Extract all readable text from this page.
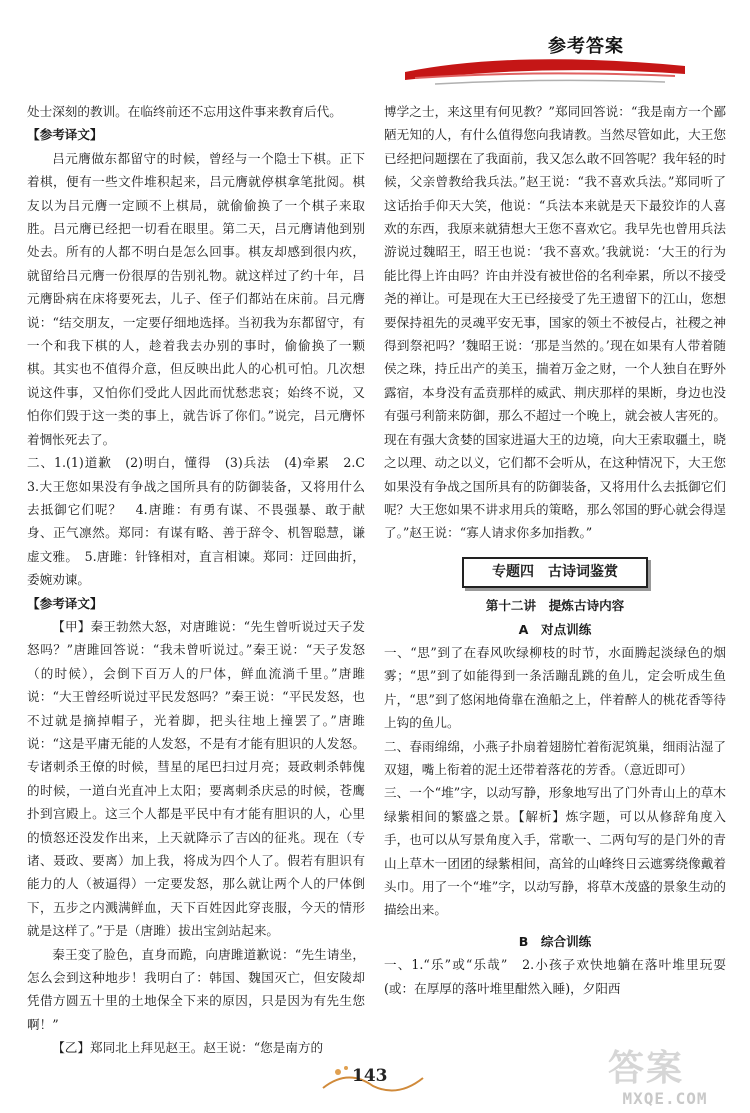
参考答案

处士深刻的教训。在临终前还不忘用这件事来教育后代。

【参考译文】

吕元膺做东都留守的时候，曾经与一个隐士下棋。正下着棋，便有一些文件堆积起来，吕元膺就停棋拿笔批阅。棋友以为吕元膺一定顾不上棋局，就偷偷换了一个棋子来取胜。吕元膺已经把一切看在眼里。第二天，吕元膺请他到别处去。所有的人都不明白是怎么回事。棋友却感到很内疚，就留给吕元膺一份很厚的告别礼物。就这样过了约十年，吕元膺卧病在床将要死去，儿子、侄子们都站在床前。吕元膺说：“结交朋友，一定要仔细地选择。当初我为东都留守，有一个和我下棋的人，趁着我去办别的事时，偷偷换了一颗棋。其实也不值得介意，但反映出此人的心机可怕。几次想说这件事，又怕你们受此人因此而忧愁悲哀；始终不说，又怕你们毁于这一类的事上，就告诉了你们。”说完，吕元膺怀着惆怅死去了。

二、1.(1)道歉　(2)明白，懂得　(3)兵法　(4)牵累　2.C　3.大王您如果没有争战之国所具有的防御装备，又将用什么去抵御它们呢？　4.唐雎：有勇有谋、不畏强暴、敢于献身、正气凛然。郑同：有谋有略、善于辞令、机智聪慧，谦虚文雅。　5.唐雎：针锋相对，直言相谏。郑同：迂回曲折，委婉劝谏。

【参考译文】

【甲】秦王勃然大怒，对唐雎说：“先生曾听说过天子发怒吗？”唐雎回答说：“我未曾听说过。”秦王说：“天子发怒（的时候），会倒下百万人的尸体，鲜血流淌千里。”唐雎说：“大王曾经听说过平民发怒吗？”秦王说：“平民发怒，也不过就是摘掉帽子，光着脚，把头往地上撞罢了。”唐雎说：“这是平庸无能的人发怒，不是有才能有胆识的人发怒。专诸刺杀王僚的时候，彗星的尾巴扫过月亮；聂政刺杀韩傀的时候，一道白光直冲上太阳；要离刺杀庆忌的时候，苍鹰扑到宫殿上。这三个人都是平民中有才能有胆识的人，心里的愤怒还没发作出来，上天就降示了吉凶的征兆。现在（专诸、聂政、要离）加上我，将成为四个人了。假若有胆识有能力的人（被逼得）一定要发怒，那么就让两个人的尸体倒下，五步之内溅满鲜血，天下百姓因此穿丧服，今天的情形就是这样了。”于是（唐雎）拔出宝剑站起来。

秦王变了脸色，直身而跪，向唐雎道歉说：“先生请坐，怎么会到这种地步！我明白了：韩国、魏国灭亡，但安陵却凭借方圆五十里的土地保全下来的原因，只是因为有先生您啊！”

【乙】郑同北上拜见赵王。赵王说：“您是南方的

博学之士，来这里有何见教？”郑同回答说：“我是南方一个鄙陋无知的人，有什么值得您向我请教。当然尽管如此，大王您已经把问题摆在了我面前，我又怎么敢不回答呢？我年轻的时候，父亲曾教给我兵法。”赵王说：“我不喜欢兵法。”郑同听了这话抬手仰天大笑，他说：“兵法本来就是天下最狡诈的人喜欢的东西，我原来就猜想大王您不喜欢它。我早先也曾用兵法游说过魏昭王，昭王也说：‘我不喜欢。’我就说：‘大王的行为能比得上许由吗？许由并没有被世俗的名利牵累，所以不接受尧的禅让。可是现在大王已经接受了先王遗留下的江山，您想要保持祖先的灵魂平安无事，国家的领土不被侵占，社稷之神得到祭祀吗？’魏昭王说：‘那是当然的。’现在如果有人带着随侯之珠，持丘出产的美玉，揣着万金之财，一个人独自在野外露宿，本身没有孟贲那样的威武、荆庆那样的果断，身边也没有强弓利箭来防御，那么不超过一个晚上，就会被人害死的。现在有强大贪婪的国家进逼大王的边境，向大王索取疆土，晓之以理、动之以义，它们都不会听从，在这种情况下，大王您如果没有争战之国所具有的防御装备，又将用什么去抵御它们呢？大王您如果不讲求用兵的策略，那么邻国的野心就会得逞了。”赵王说：“寡人请求你多加指教。”

专题四　古诗词鉴赏
第十二讲　提炼古诗内容
A　对点训练

一、“思”到了在春风吹绿柳枝的时节，水面腾起淡绿色的烟雾；“思”到了如能得到一条活蹦乱跳的鱼儿，定会听成生鱼片，“思”到了悠闲地倚靠在渔船之上，伴着醉人的桃花香等待上钩的鱼儿。

二、春雨绵绵，小燕子扑扇着翅膀忙着衔泥筑巢，细雨沾湿了双翅，嘴上衔着的泥土还带着落花的芳香。（意近即可）

三、一个“堆”字，以动写静，形象地写出了门外青山上的草木绿紫相间的繁盛之景。【解析】炼字题，可以从修辞角度入手，也可以从写景角度入手，常歌一、二两句写的是门外的青山上草木一团团的绿紫相间，高耸的山峰终日云遮雾绕像戴着头巾。用了一个“堆”字，以动写静，将草木茂盛的景象生动的描绘出来。

B　综合训练

一、1.“乐”或“乐哉”　2.小孩子欢快地躺在落叶堆里玩耍(或：在厚厚的落叶堆里酣然入睡)，夕阳西

143	答案
MXQE.COM
